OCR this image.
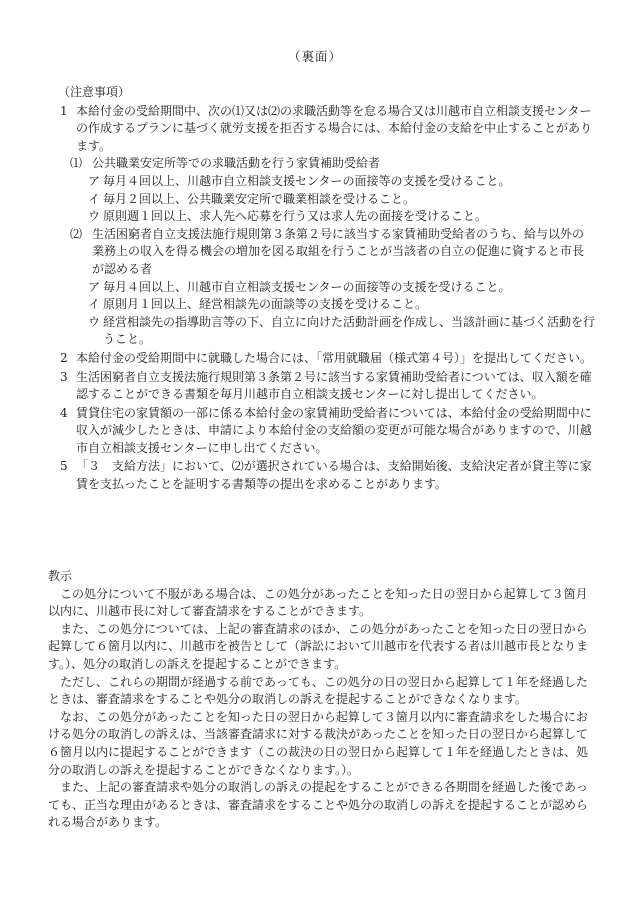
（裏面）
（注意事項）
1 本給付金の受給期間中、次の⑴又は⑵の求職活動等を怠る場合又は川越市自立相談支援センターの作成するプランに基づく就労支援を拒否する場合には、本給付金の支給を中止することがあります。
⑴ 公共職業安定所等での求職活動を行う家賃補助受給者
ア 毎月４回以上、川越市自立相談支援センターの面接等の支援を受けること。
イ 毎月２回以上、公共職業安定所で職業相談を受けること。
ウ 原則週１回以上、求人先へ応募を行う又は求人先の面接を受けること。
⑵ 生活困窮者自立支援法施行規則第３条第２号に該当する家賃補助受給者のうち、給与以外の業務上の収入を得る機会の増加を図る取組を行うことが当該者の自立の促進に資すると市長が認める者
ア 毎月４回以上、川越市自立相談支援センターの面接等の支援を受けること。
イ 原則月１回以上、経営相談先の面談等の支援を受けること。
ウ 経営相談先の指導助言等の下、自立に向けた活動計画を作成し、当該計画に基づく活動を行うこと。
2 本給付金の受給期間中に就職した場合には、「常用就職届（様式第４号）」を提出してください。
3 生活困窮者自立支援法施行規則第３条第２号に該当する家賃補助受給者については、収入額を確認することができる書類を毎月川越市自立相談支援センターに対し提出してください。
4 賃貸住宅の家賃額の一部に係る本給付金の家賃補助受給者については、本給付金の受給期間中に収入が減少したときは、申請により本給付金の支給額の変更が可能な場合がありますので、川越市自立相談支援センターに申し出てください。
5 「３　支給方法」において、⑵が選択されている場合は、支給開始後、支給決定者が貸主等に家賃を支払ったことを証明する書類等の提出を求めることがあります。
教示
この処分について不服がある場合は、この処分があったことを知った日の翌日から起算して３箇月以内に、川越市長に対して審査請求をすることができます。
また、この処分については、上記の審査請求のほか、この処分があったことを知った日の翌日から起算して６箇月以内に、川越市を被告として（訴訟において川越市を代表する者は川越市長となります。）、処分の取消しの訴えを提起することができます。
ただし、これらの期間が経過する前であっても、この処分の日の翌日から起算して１年を経過したときは、審査請求をすることや処分の取消しの訴えを提起することができなくなります。
なお、この処分があったことを知った日の翌日から起算して３箇月以内に審査請求をした場合における処分の取消しの訴えは、当該審査請求に対する裁決があったことを知った日の翌日から起算して６箇月以内に提起することができます（この裁決の日の翌日から起算して１年を経過したときは、処分の取消しの訴えを提起することができなくなります。）。
また、上記の審査請求や処分の取消しの訴えの提起をすることができる各期間を経過した後であっても、正当な理由があるときは、審査請求をすることや処分の取消しの訴えを提起することが認められる場合があります。
